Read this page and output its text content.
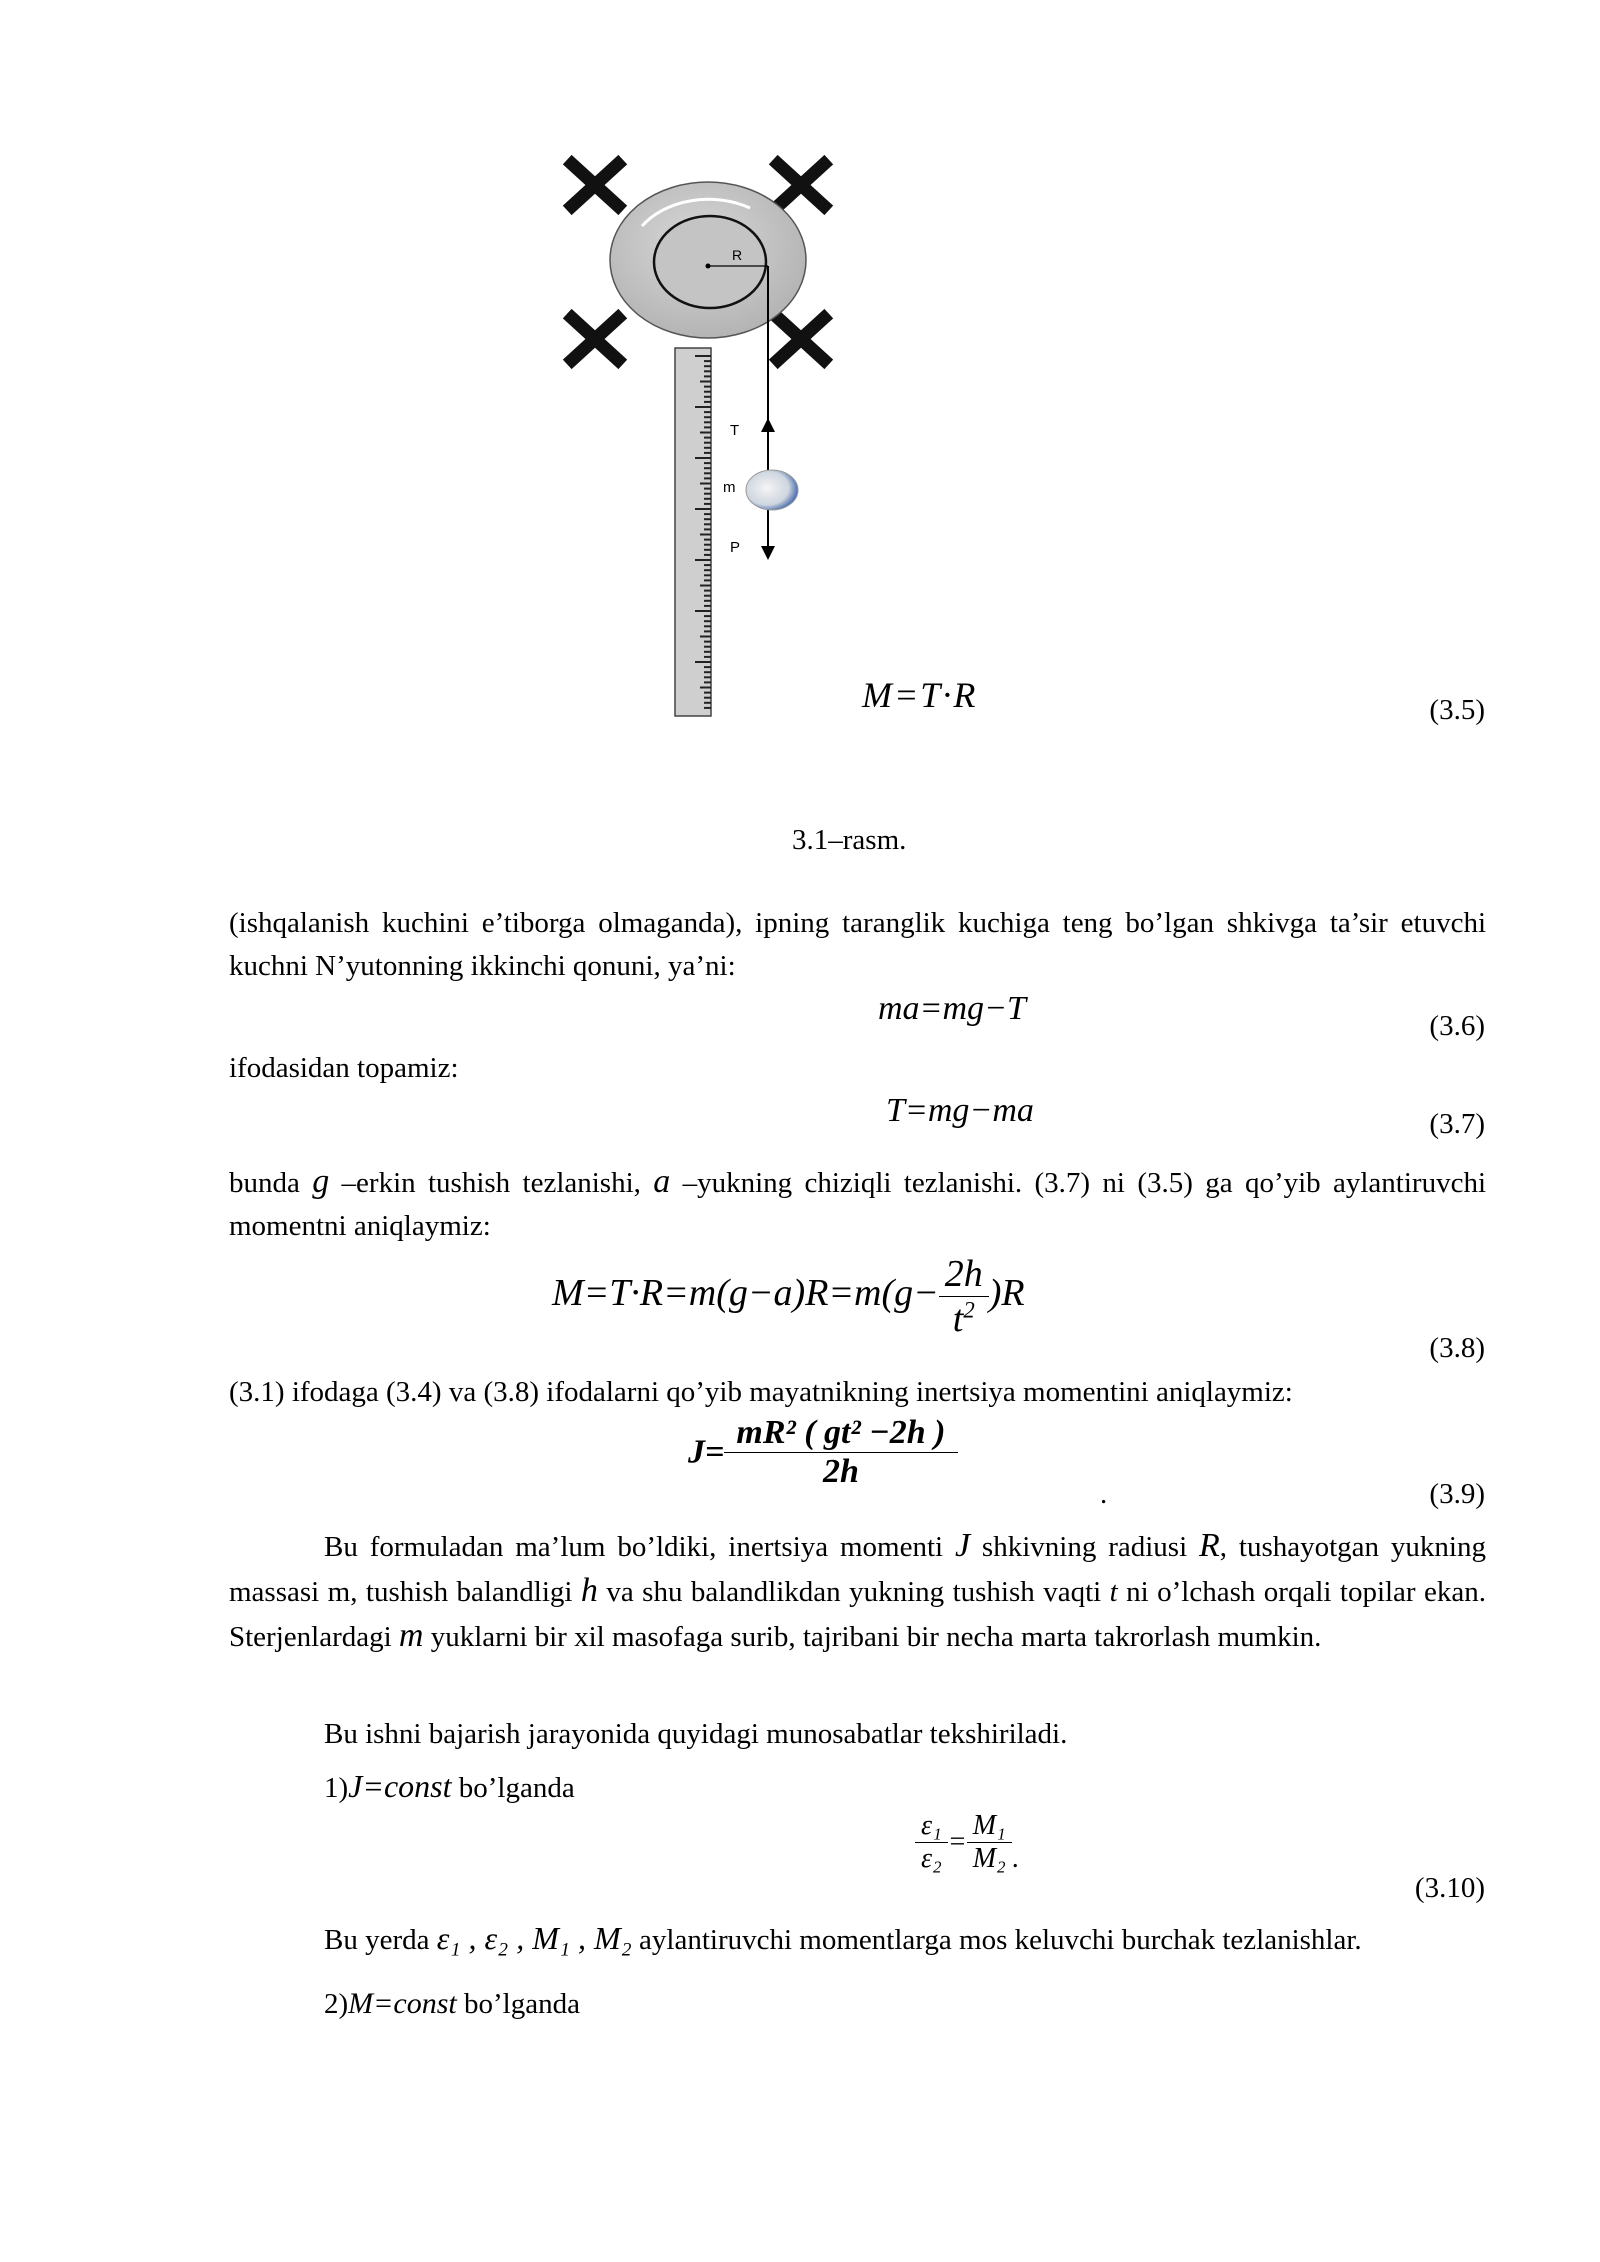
R
T
m
P
M=T·R	(3.5)
3.1–rasm.
(ishqalanish kuchini e’tiborga olmaganda), ipning taranglik kuchiga teng bo’lgan shkivga ta’sir etuvchi kuchni N’yutonning ikkinchi qonuni, ya’ni:
ma=mg−T	(3.6)
ifodasidan topamiz:
T=mg−ma	(3.7)
bunda g –erkin tushish tezlanishi, a –yukning chiziqli tezlanishi. (3.7) ni (3.5) ga qo’yib aylantiruvchi momentni aniqlaymiz:
$M=T\cdot R=m(g-a)R=m(g- \frac{2h}{t^2} )R$
(3.8)
(3.1) ifodaga (3.4) va (3.8) ifodalarni qo’yib mayatnikning inertsiya momentini aniqlaymiz:
$J= \frac{\text{mR² ( gt² −2h )}}{2h}$
.	(3.9)
Bu formuladan ma’lum bo’ldiki, inertsiya momenti J shkivning radiusi R, tushayotgan yukning massasi m, tushish balandligi h va shu balandlikdan yukning tushish vaqti t ni o’lchash orqali topilar ekan. Sterjenlardagi m yuklarni bir xil masofaga surib, tajribani bir necha marta takrorlash mumkin.
Bu ishni bajarish jarayonida quyidagi munosabatlar tekshiriladi.
1)J=const bo’lganda
$\frac{\text{ε₁}}{\text{ε₂}} = \frac{\text{M₁}}{\text{M₂}}$ .
(3.10)
Bu yerda ε₁ , ε₂ , M₁ , M₂ aylantiruvchi momentlarga mos keluvchi burchak tezlanishlar.
2)M=const bo’lganda
